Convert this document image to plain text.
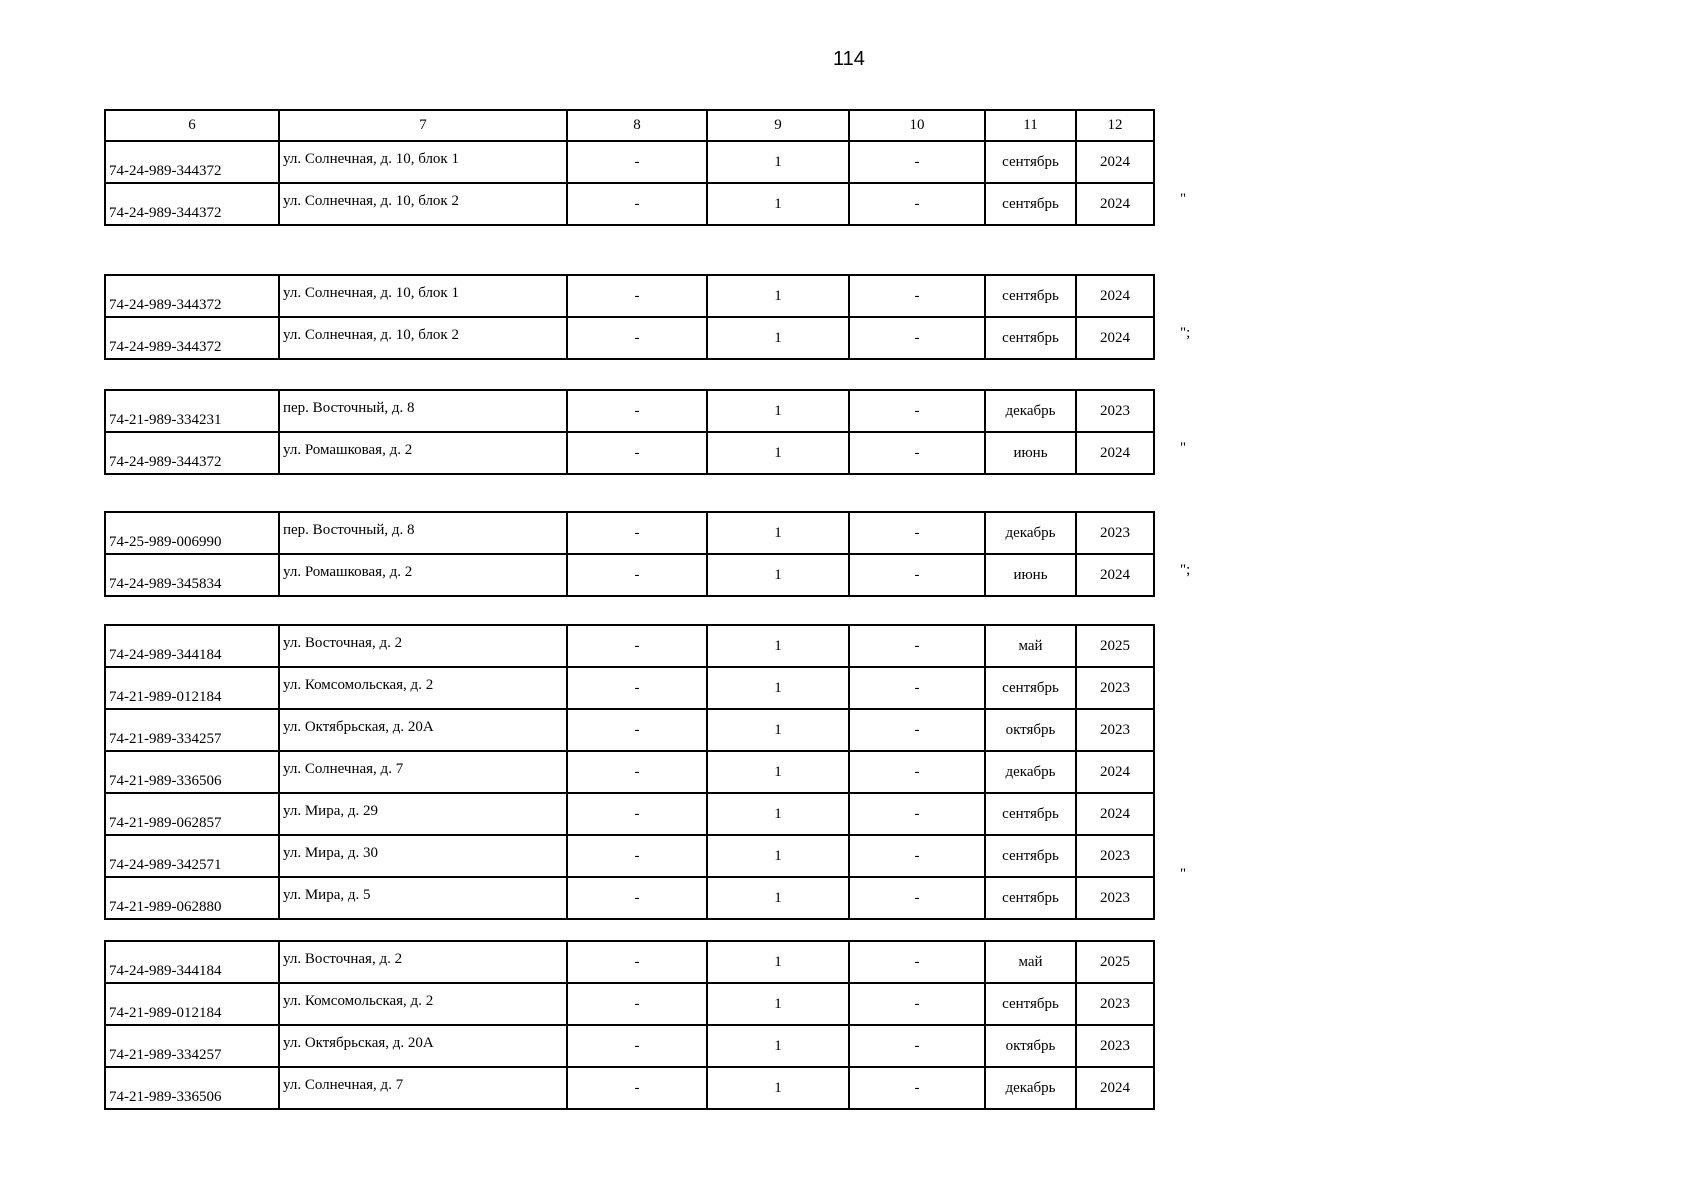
114
6	7	8	9	10	11	12
74-24-989-344372	ул. Солнечная, д. 10, блок 1	-	1	-	сентябрь	2024
74-24-989-344372	ул. Солнечная, д. 10, блок 2	-	1	-	сентябрь	2024	"
74-24-989-344372	ул. Солнечная, д. 10, блок 1	-	1	-	сентябрь	2024
74-24-989-344372	ул. Солнечная, д. 10, блок 2	-	1	-	сентябрь	2024	";
74-21-989-334231	пер. Восточный, д. 8	-	1	-	декабрь	2023
74-24-989-344372	ул. Ромашковая, д. 2	-	1	-	июнь	2024	"
74-25-989-006990	пер. Восточный, д. 8	-	1	-	декабрь	2023
74-24-989-345834	ул. Ромашковая, д. 2	-	1	-	июнь	2024	";
74-24-989-344184	ул. Восточная, д. 2	-	1	-	май	2025
74-21-989-012184	ул. Комсомольская, д. 2	-	1	-	сентябрь	2023
74-21-989-334257	ул. Октябрьская, д. 20А	-	1	-	октябрь	2023
74-21-989-336506	ул. Солнечная, д. 7	-	1	-	декабрь	2024
74-21-989-062857	ул. Мира, д. 29	-	1	-	сентябрь	2024
74-24-989-342571	ул. Мира, д. 30	-	1	-	сентябрь	2023
74-21-989-062880	ул. Мира, д. 5	-	1	-	сентябрь	2023
"
74-24-989-344184	ул. Восточная, д. 2	-	1	-	май	2025
74-21-989-012184	ул. Комсомольская, д. 2	-	1	-	сентябрь	2023
74-21-989-334257	ул. Октябрьская, д. 20А	-	1	-	октябрь	2023
74-21-989-336506	ул. Солнечная, д. 7	-	1	-	декабрь	2024
